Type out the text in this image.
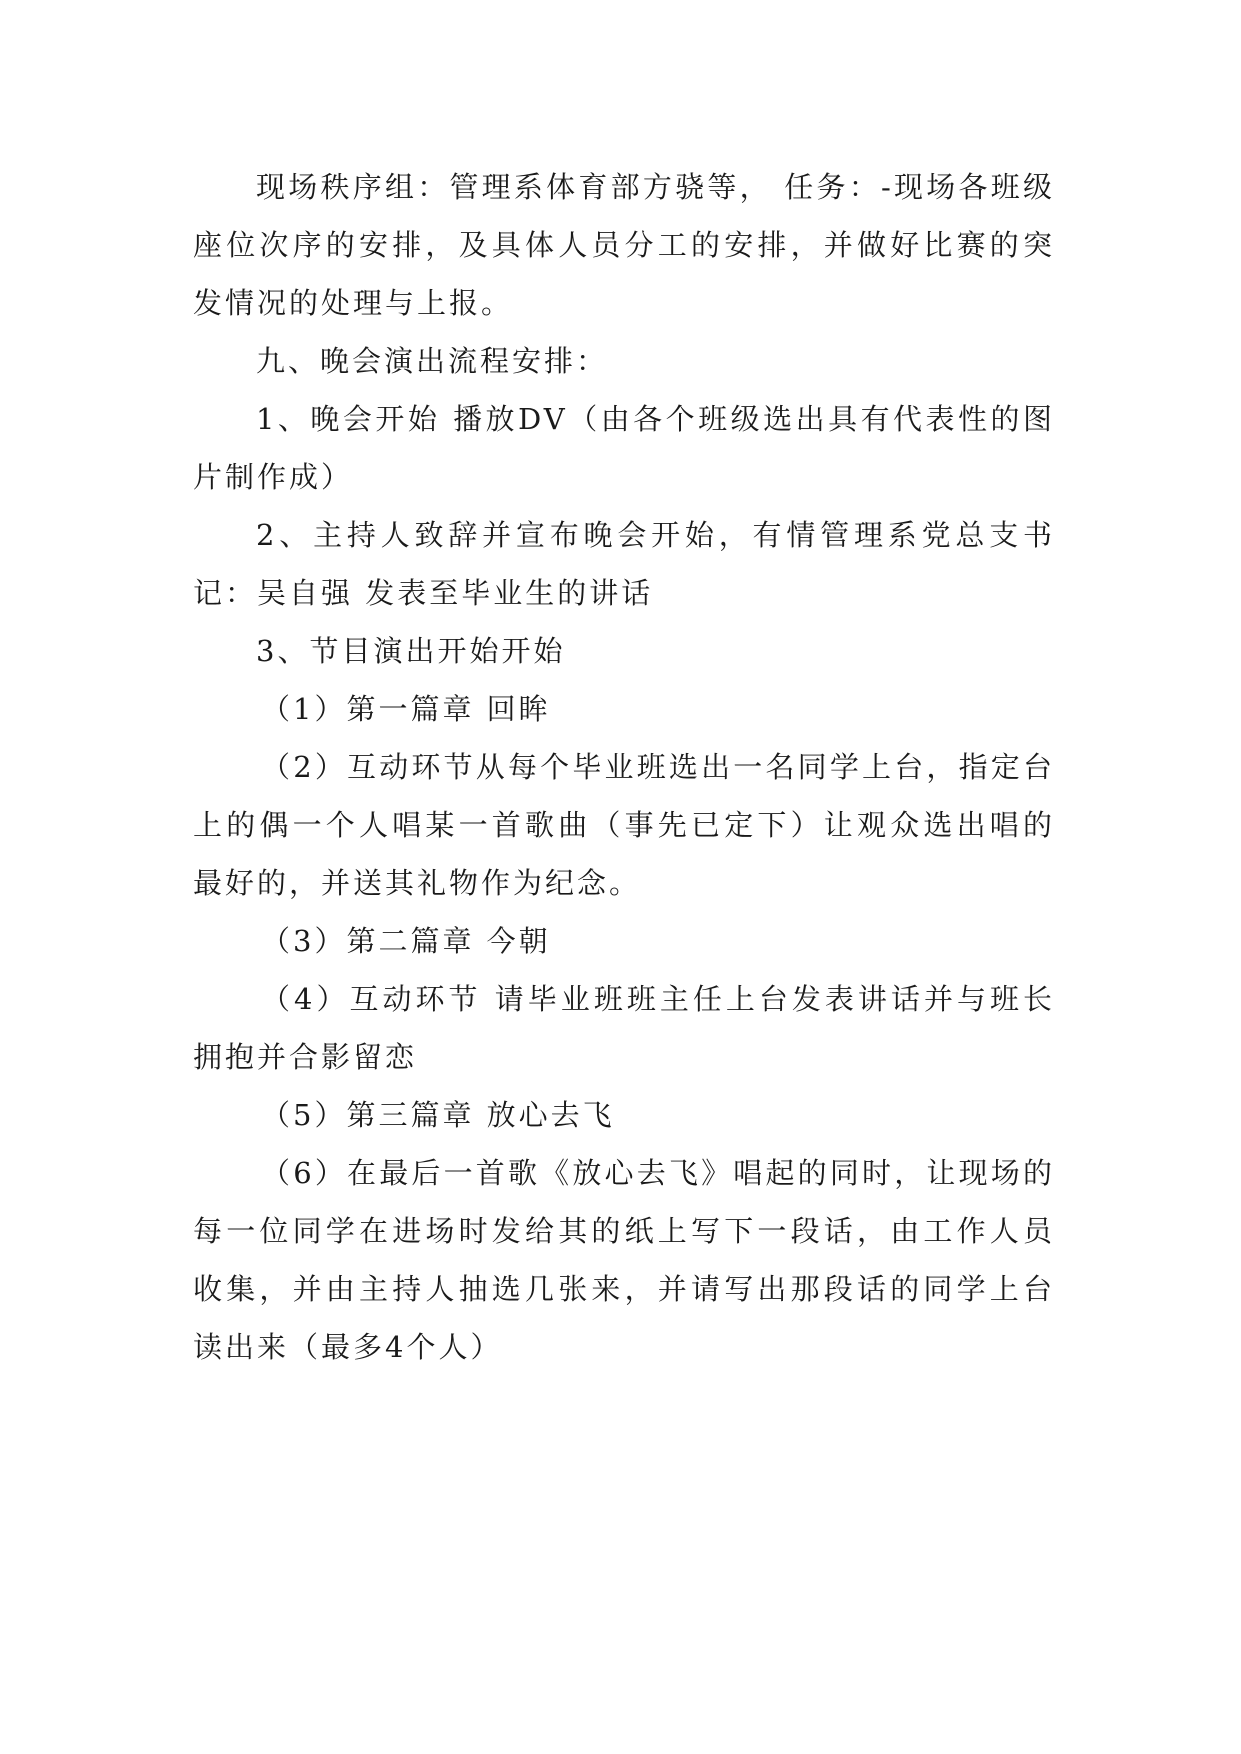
现场秩序组：管理系体育部方骁等， 任务：-现场各班级座位次序的安排，及具体人员分工的安排，并做好比赛的突发情况的处理与上报。

九、晚会演出流程安排：

1、晚会开始 播放DV（由各个班级选出具有代表性的图片制作成）

2、主持人致辞并宣布晚会开始，有情管理系党总支书记：吴自强 发表至毕业生的讲话

3、节目演出开始开始

（1）第一篇章 回眸

（2）互动环节从每个毕业班选出一名同学上台，指定台上的偶一个人唱某一首歌曲（事先已定下）让观众选出唱的最好的，并送其礼物作为纪念。

（3）第二篇章 今朝

（4）互动环节 请毕业班班主任上台发表讲话并与班长拥抱并合影留恋

（5）第三篇章 放心去飞

（6）在最后一首歌《放心去飞》唱起的同时，让现场的每一位同学在进场时发给其的纸上写下一段话，由工作人员收集，并由主持人抽选几张来，并请写出那段话的同学上台读出来（最多4个人）
